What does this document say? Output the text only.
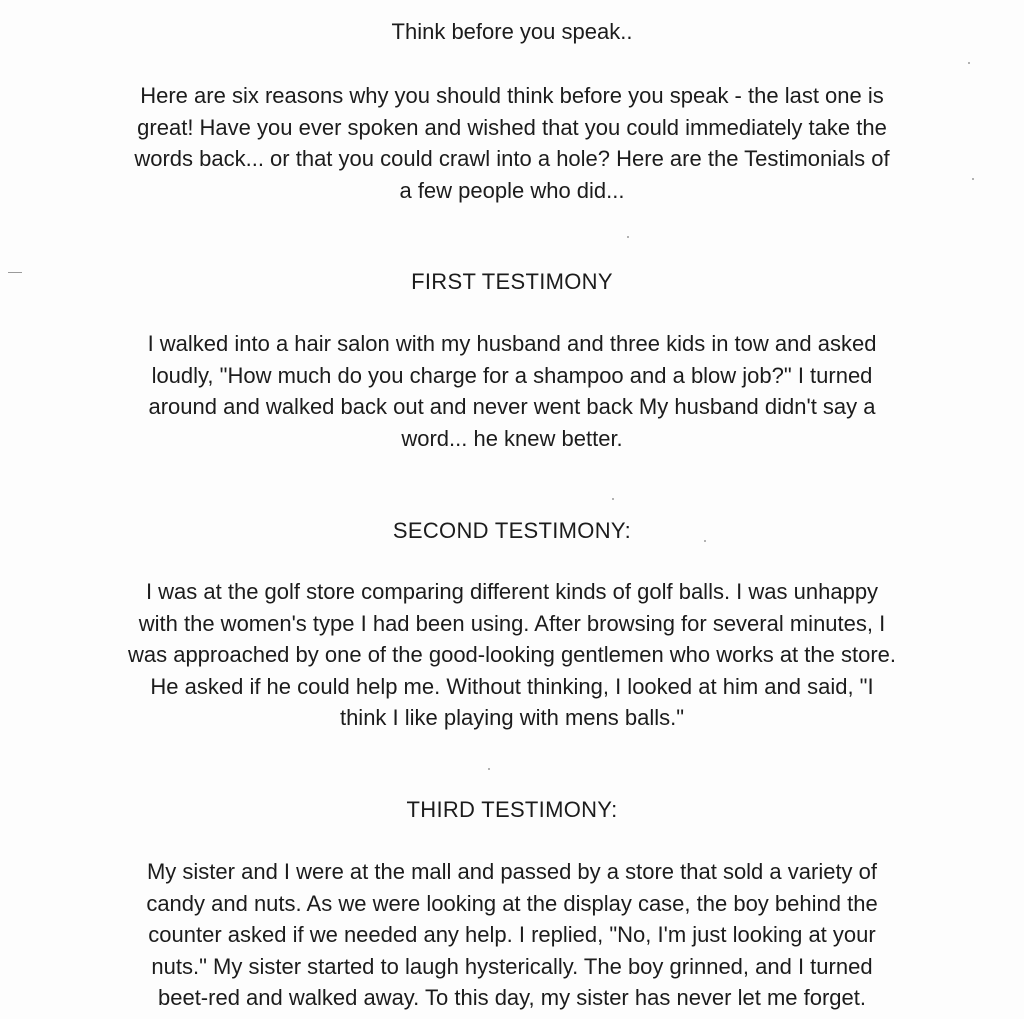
Think before you speak..

Here are six reasons why you should think before you speak - the last one is
great! Have you ever spoken and wished that you could immediately take the
words back... or that you could crawl into a hole? Here are the Testimonials of
a few people who did...

FIRST TESTIMONY

I walked into a hair salon with my husband and three kids in tow and asked
loudly, "How much do you charge for a shampoo and a blow job?" I turned
around and walked back out and never went back My husband didn't say a
word... he knew better.

SECOND TESTIMONY:

I was at the golf store comparing different kinds of golf balls. I was unhappy
with the women's type I had been using. After browsing for several minutes, I
was approached by one of the good-looking gentlemen who works at the store.
He asked if he could help me. Without thinking, I looked at him and said, "I
think I like playing with mens balls."

THIRD TESTIMONY:

My sister and I were at the mall and passed by a store that sold a variety of
candy and nuts. As we were looking at the display case, the boy behind the
counter asked if we needed any help. I replied, "No, I'm just looking at your
nuts." My sister started to laugh hysterically. The boy grinned, and I turned
beet-red and walked away. To this day, my sister has never let me forget.
